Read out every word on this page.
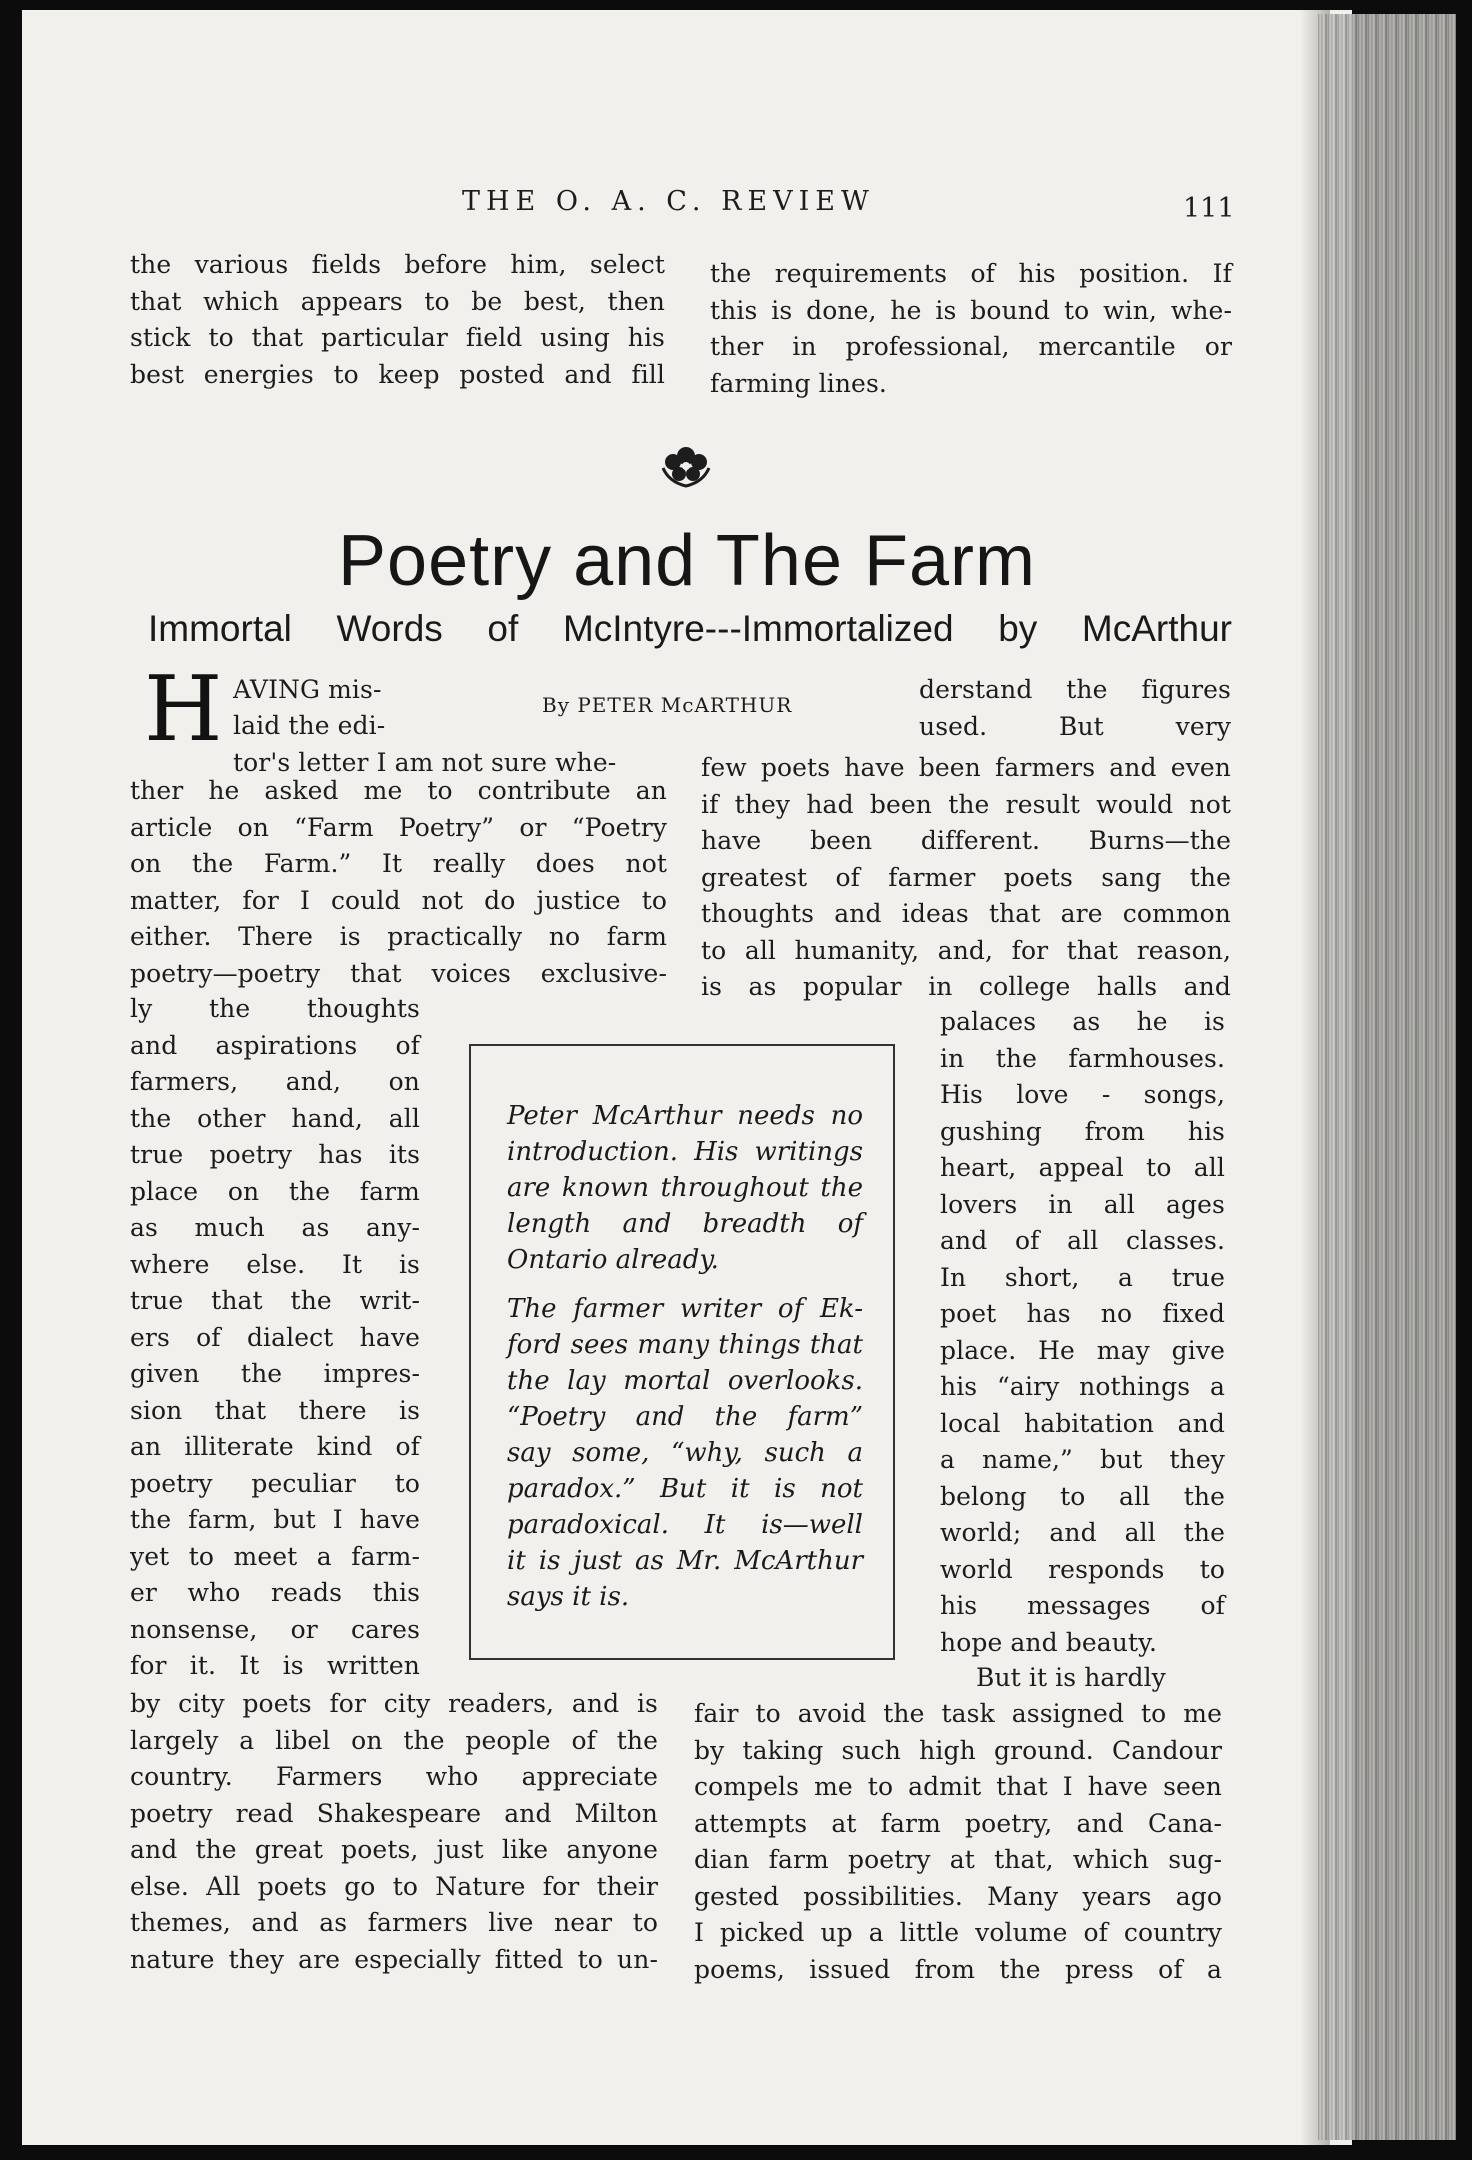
THE O. A. C. REVIEW	111
the various fields before him, select
that which appears to be best, then
stick to that particular field using his
best energies to keep posted and fill
the requirements of his position. If
this is done, he is bound to win, whe-
ther in professional, mercantile or
farming lines.
Poetry and The Farm
Immortal Words of McIntyre---Immortalized by McArthur
H	By PETER McARTHUR
AVING mis-
laid the edi-
tor's letter I am not sure whe-
ther he asked me to contribute an
article on “Farm Poetry” or “Poetry
on the Farm.” It really does not
matter, for I could not do justice to
either. There is practically no farm
poetry—poetry that voices exclusive-
ly the thoughts
and aspirations of
farmers, and, on
the other hand, all
true poetry has its
place on the farm
as much as any-
where else. It is
true that the writ-
ers of dialect have
given the impres-
sion that there is
an illiterate kind of
poetry peculiar to
the farm, but I have
yet to meet a farm-
er who reads this
nonsense, or cares
for it. It is written
by city poets for city readers, and is
largely a libel on the people of the
country. Farmers who appreciate
poetry read Shakespeare and Milton
and the great poets, just like anyone
else. All poets go to Nature for their
themes, and as farmers live near to
nature they are especially fitted to un-
Peter McArthur needs no
introduction. His writings
are known throughout the
length and breadth of
Ontario already.
The farmer writer of Ek-
ford sees many things that
the lay mortal overlooks.
“Poetry and the farm”
say some, “why, such a
paradox.” But it is not
paradoxical. It is—well
it is just as Mr. McArthur
says it is.
derstand the figures
used. But very
few poets have been farmers and even
if they had been the result would not
have been different. Burns—the
greatest of farmer poets sang the
thoughts and ideas that are common
to all humanity, and, for that reason,
is as popular in college halls and
palaces as he is
in the farmhouses.
His love - songs,
gushing from his
heart, appeal to all
lovers in all ages
and of all classes.
In short, a true
poet has no fixed
place. He may give
his “airy nothings a
local habitation and
a name,” but they
belong to all the
world; and all the
world responds to
his messages of
hope and beauty.
But it is hardly
fair to avoid the task assigned to me
by taking such high ground. Candour
compels me to admit that I have seen
attempts at farm poetry, and Cana-
dian farm poetry at that, which sug-
gested possibilities. Many years ago
I picked up a little volume of country
poems, issued from the press of a
